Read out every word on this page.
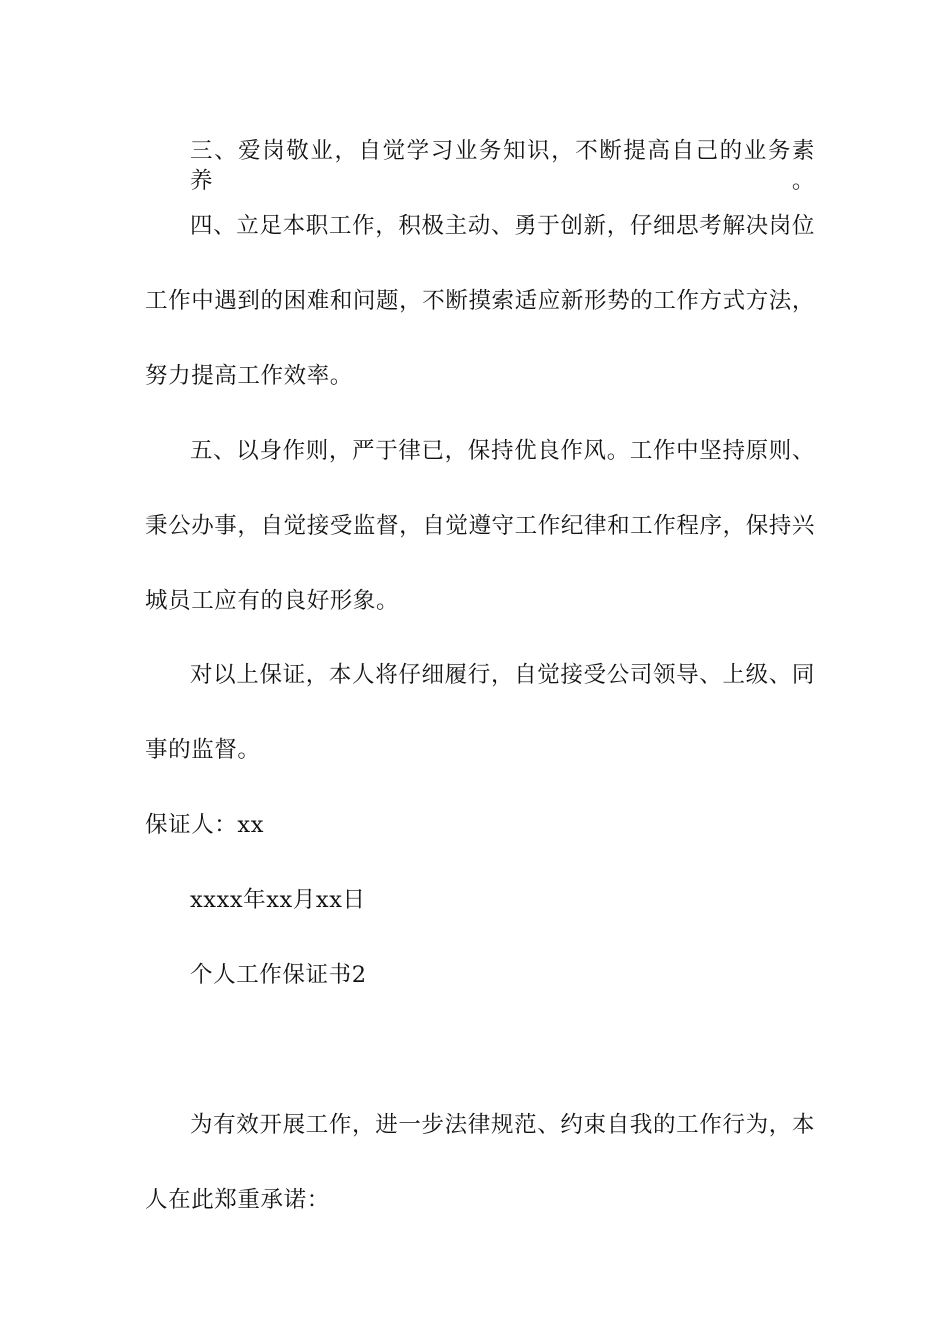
三、爱岗敬业，自觉学习业务知识，不断提高自己的业务素养。
四、立足本职工作，积极主动、勇于创新，仔细思考解决岗位
工作中遇到的困难和问题，不断摸索适应新形势的工作方式方法，
努力提高工作效率。
五、以身作则，严于律已，保持优良作风。工作中坚持原则、
秉公办事，自觉接受监督，自觉遵守工作纪律和工作程序，保持兴
城员工应有的良好形象。
对以上保证，本人将仔细履行，自觉接受公司领导、上级、同
事的监督。
保证人：xx
xxxx年xx月xx日
个人工作保证书2
为有效开展工作，进一步法律规范、约束自我的工作行为，本
人在此郑重承诺：
